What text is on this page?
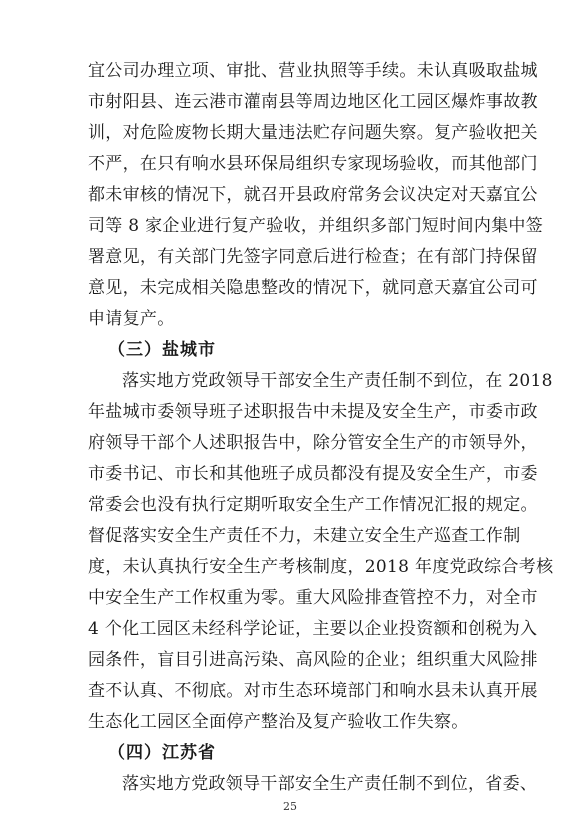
宜公司办理立项、审批、营业执照等手续。未认真吸取盐城
市射阳县、连云港市灌南县等周边地区化工园区爆炸事故教
训，对危险废物长期大量违法贮存问题失察。复产验收把关
不严，在只有响水县环保局组织专家现场验收，而其他部门
都未审核的情况下，就召开县政府常务会议决定对天嘉宜公
司等 8 家企业进行复产验收，并组织多部门短时间内集中签
署意见，有关部门先签字同意后进行检查；在有部门持保留
意见，未完成相关隐患整改的情况下，就同意天嘉宜公司可
申请复产。
（三）盐城市
落实地方党政领导干部安全生产责任制不到位，在 2018
年盐城市委领导班子述职报告中未提及安全生产，市委市政
府领导干部个人述职报告中，除分管安全生产的市领导外，
市委书记、市长和其他班子成员都没有提及安全生产，市委
常委会也没有执行定期听取安全生产工作情况汇报的规定。
督促落实安全生产责任不力，未建立安全生产巡查工作制
度，未认真执行安全生产考核制度，2018 年度党政综合考核
中安全生产工作权重为零。重大风险排查管控不力，对全市
4 个化工园区未经科学论证，主要以企业投资额和创税为入
园条件，盲目引进高污染、高风险的企业；组织重大风险排
查不认真、不彻底。对市生态环境部门和响水县未认真开展
生态化工园区全面停产整治及复产验收工作失察。
（四）江苏省
落实地方党政领导干部安全生产责任制不到位，省委、
25
